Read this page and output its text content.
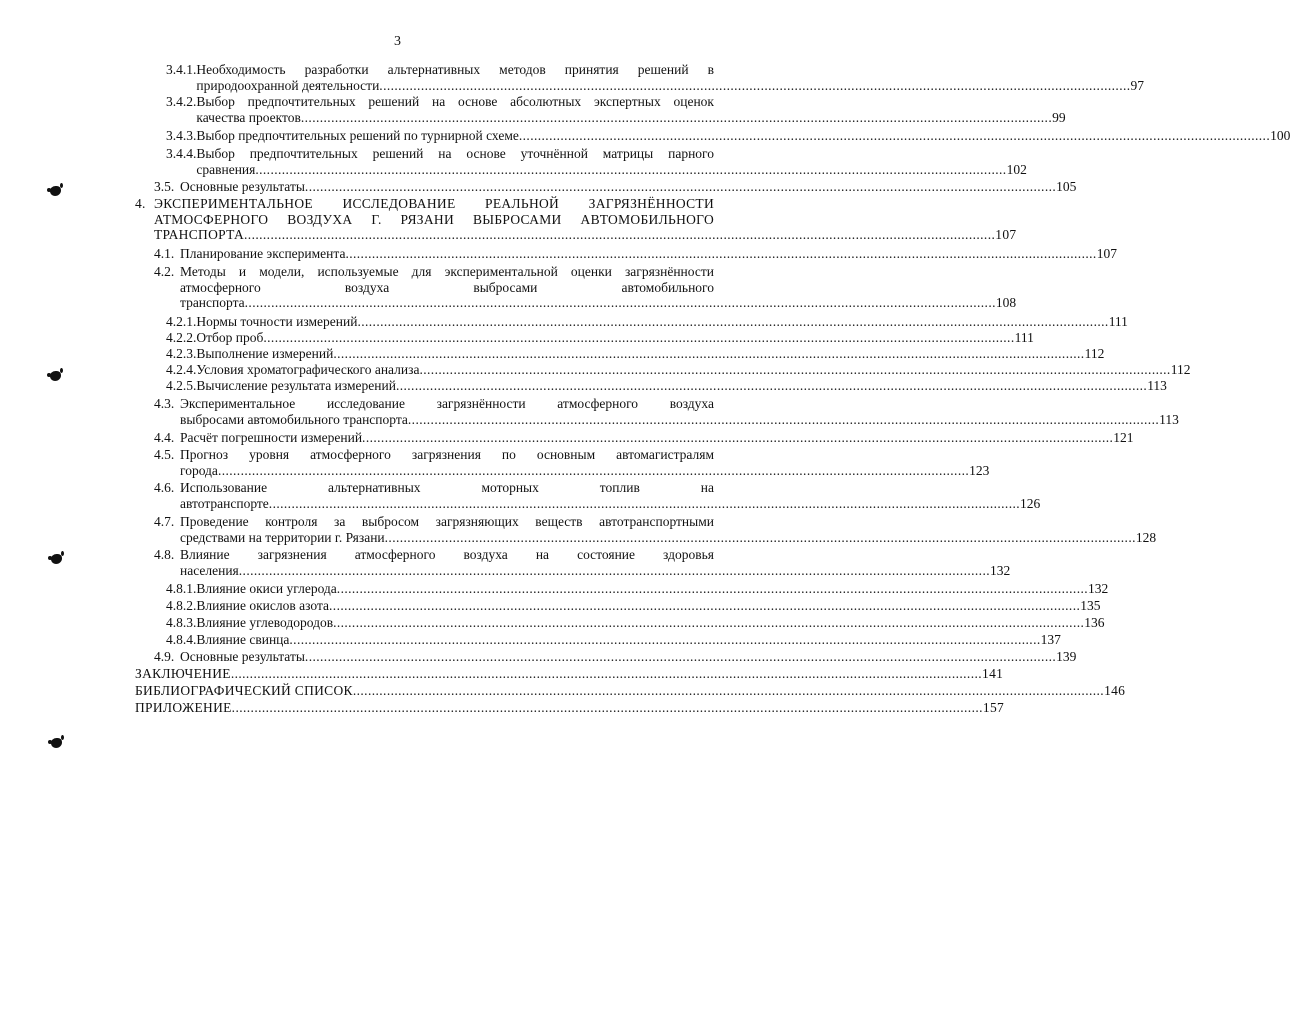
3
3.4.1. Необходимость разработки альтернативных методов принятия решений в
природоохранной деятельности ....................................................................................................................................................................................................... 97
3.4.2. Выбор предпочтительных решений на основе абсолютных экспертных оценок
качества проектов ....................................................................................................................................................................................................... 99
3.4.3. Выбор предпочтительных решений по турнирной схеме ....................................................................................................................................................................................................... 100
3.4.4. Выбор предпочтительных решений на основе уточнённой матрицы парного
сравнения ....................................................................................................................................................................................................... 102
3.5. Основные результаты ....................................................................................................................................................................................................... 105
4. ЭКСПЕРИМЕНТАЛЬНОЕ ИССЛЕДОВАНИЕ РЕАЛЬНОЙ ЗАГРЯЗНЁННОСТИ
АТМОСФЕРНОГО ВОЗДУХА Г. РЯЗАНИ ВЫБРОСАМИ АВТОМОБИЛЬНОГО
ТРАНСПОРТА ....................................................................................................................................................................................................... 107
4.1. Планирование эксперимента ....................................................................................................................................................................................................... 107
4.2. Методы и модели, используемые для экспериментальной оценки загрязнённости
атмосферного воздуха выбросами автомобильного
транспорта ....................................................................................................................................................................................................... 108
4.2.1. Нормы точности измерений ....................................................................................................................................................................................................... 111
4.2.2. Отбор проб ....................................................................................................................................................................................................... 111
4.2.3. Выполнение измерений ....................................................................................................................................................................................................... 112
4.2.4. Условия хроматографического анализа ....................................................................................................................................................................................................... 112
4.2.5. Вычисление результата измерений ....................................................................................................................................................................................................... 113
4.3. Экспериментальное исследование загрязнённости атмосферного воздуха
выбросами автомобильного транспорта ....................................................................................................................................................................................................... 113
4.4. Расчёт погрешности измерений ....................................................................................................................................................................................................... 121
4.5. Прогноз уровня атмосферного загрязнения по основным автомагистралям
города ....................................................................................................................................................................................................... 123
4.6. Использование альтернативных моторных топлив на
автотранспорте ....................................................................................................................................................................................................... 126
4.7. Проведение контроля за выбросом загрязняющих веществ автотранспортными
средствами на территории г. Рязани ....................................................................................................................................................................................................... 128
4.8. Влияние загрязнения атмосферного воздуха на состояние здоровья
населения ....................................................................................................................................................................................................... 132
4.8.1. Влияние окиси углерода ....................................................................................................................................................................................................... 132
4.8.2. Влияние окислов азота ....................................................................................................................................................................................................... 135
4.8.3. Влияние углеводородов ....................................................................................................................................................................................................... 136
4.8.4. Влияние свинца ....................................................................................................................................................................................................... 137
4.9. Основные результаты ....................................................................................................................................................................................................... 139
ЗАКЛЮЧЕНИЕ ....................................................................................................................................................................................................... 141
БИБЛИОГРАФИЧЕСКИЙ СПИСОК ....................................................................................................................................................................................................... 146
ПРИЛОЖЕНИЕ ....................................................................................................................................................................................................... 157
